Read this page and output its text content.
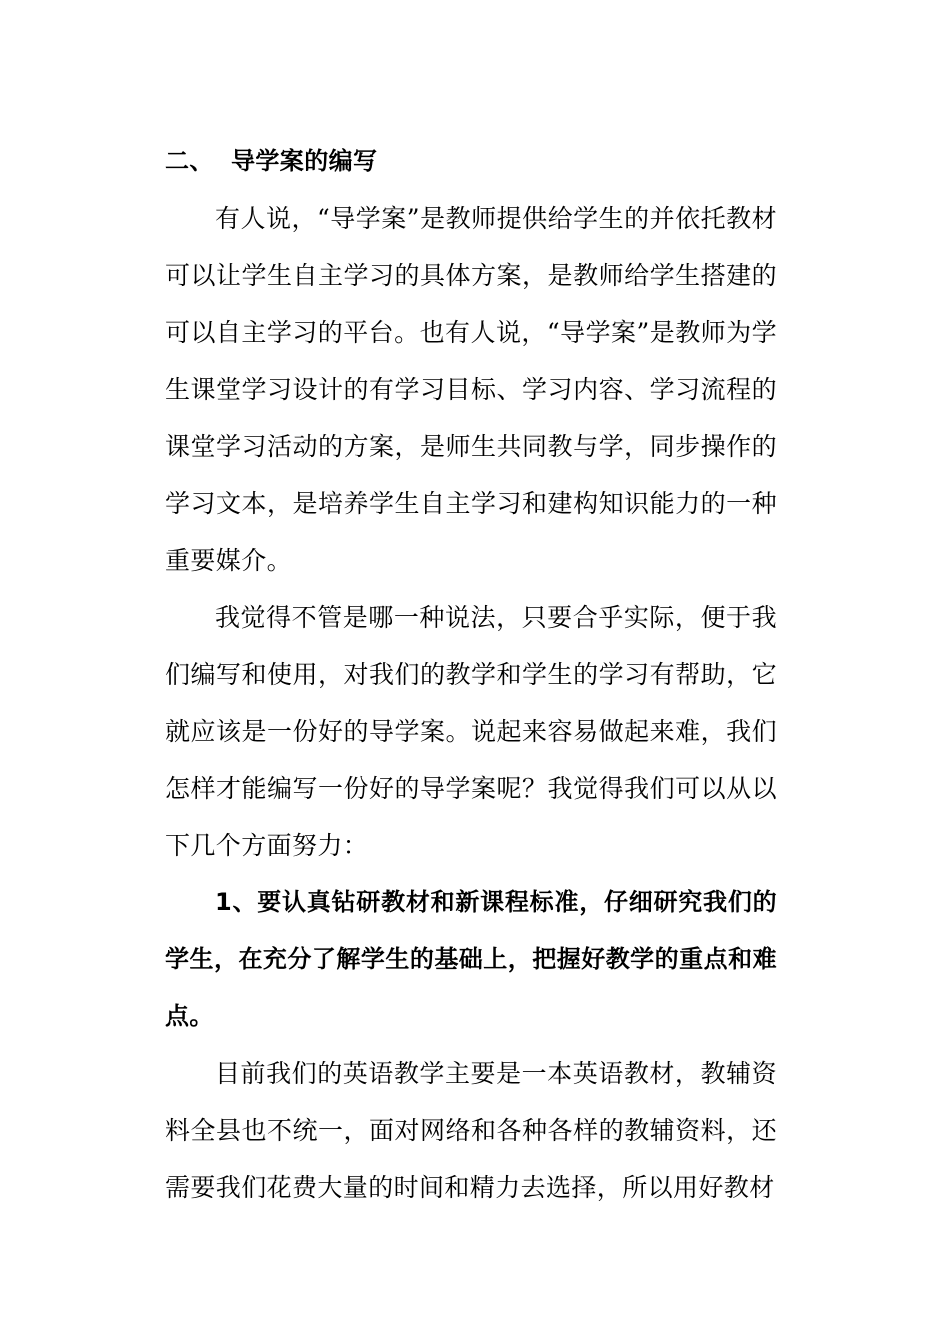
二、 导学案的编写

有人说，“导学案”是教师提供给学生的并依托教材可以让学生自主学习的具体方案，是教师给学生搭建的可以自主学习的平台。也有人说，“导学案”是教师为学生课堂学习设计的有学习目标、学习内容、学习流程的课堂学习活动的方案，是师生共同教与学，同步操作的学习文本，是培养学生自主学习和建构知识能力的一种重要媒介。

我觉得不管是哪一种说法，只要合乎实际，便于我们编写和使用，对我们的教学和学生的学习有帮助，它就应该是一份好的导学案。说起来容易做起来难，我们怎样才能编写一份好的导学案呢？我觉得我们可以从以下几个方面努力：

1、要认真钻研教材和新课程标准，仔细研究我们的学生，在充分了解学生的基础上，把握好教学的重点和难点。

目前我们的英语教学主要是一本英语教材，教辅资料全县也不统一，面对网络和各种各样的教辅资料，还需要我们花费大量的时间和精力去选择，所以用好教材
